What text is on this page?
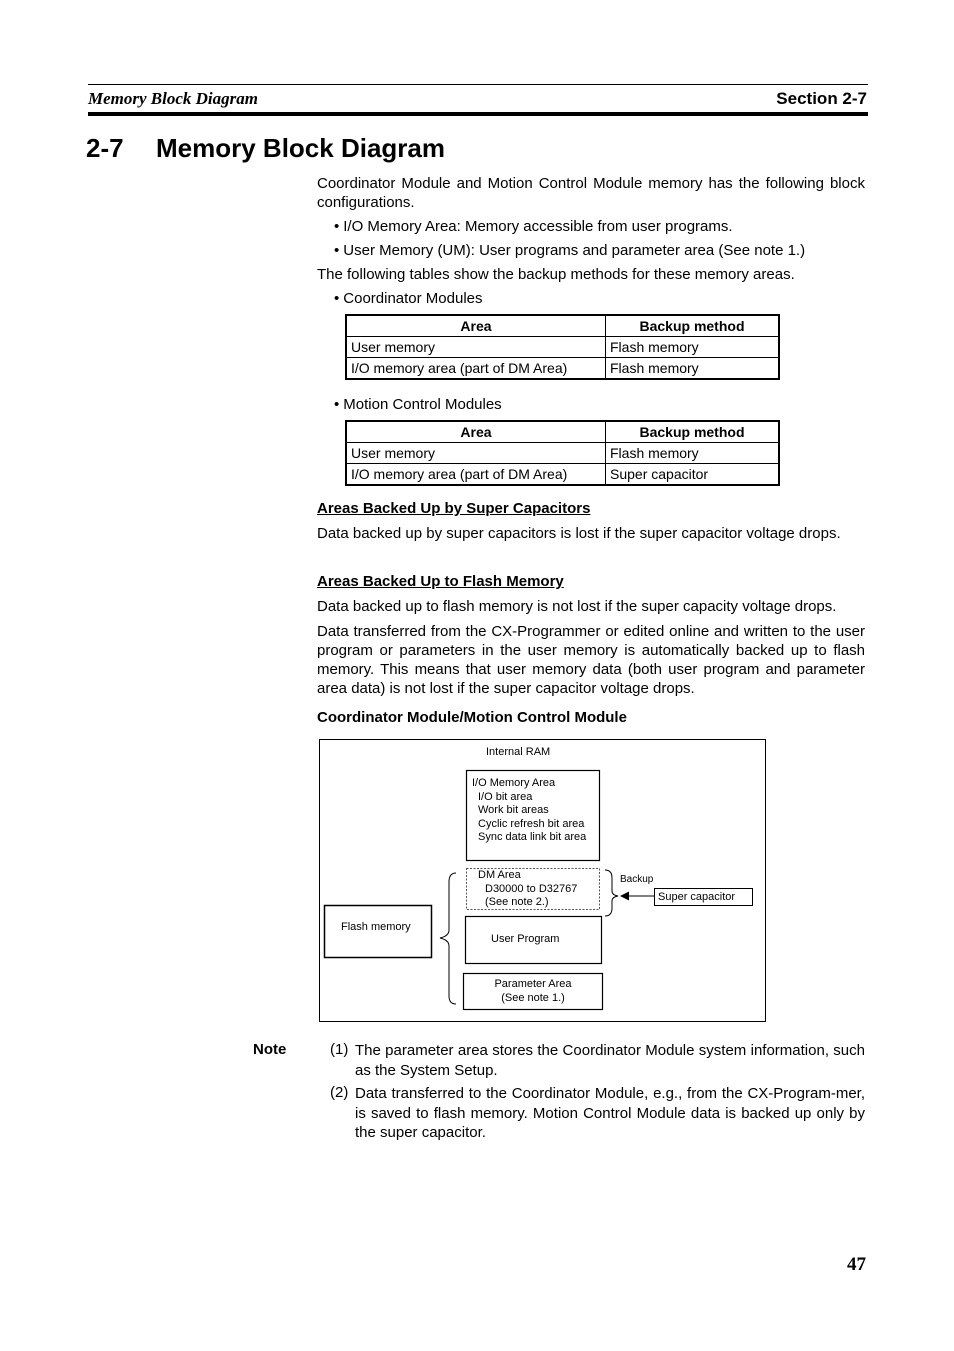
Memory Block Diagram	Section 2-7
2-7 Memory Block Diagram
Coordinator Module and Motion Control Module memory has the following block configurations.
• I/O Memory Area: Memory accessible from user programs.
• User Memory (UM): User programs and parameter area (See note 1.)
The following tables show the backup methods for these memory areas.
• Coordinator Modules
Area	Backup method
User memory	Flash memory
I/O memory area (part of DM Area)	Flash memory
• Motion Control Modules
Area	Backup method
User memory	Flash memory
I/O memory area (part of DM Area)	Super capacitor
Areas Backed Up by Super Capacitors
Data backed up by super capacitors is lost if the super capacitor voltage drops.
Areas Backed Up to Flash Memory
Data backed up to flash memory is not lost if the super capacity voltage drops.
Data transferred from the CX-Programmer or edited online and written to the user program or parameters in the user memory is automatically backed up to flash memory. This means that user memory data (both user program and parameter area data) is not lost if the super capacitor voltage drops.
Coordinator Module/Motion Control Module
Internal RAM
I/O Memory Area
I/O bit area
Work bit areas
Cyclic refresh bit area
Sync data link bit area
DM Area
D30000 to D32767
(See note 2.)
Backup
Super capacitor
Flash memory
User Program
Parameter Area
(See note 1.)
Note	(1) The parameter area stores the Coordinator Module system information, such as the System Setup.
(2) Data transferred to the Coordinator Module, e.g., from the CX-Program-mer, is saved to flash memory. Motion Control Module data is backed up only by the super capacitor.
47
